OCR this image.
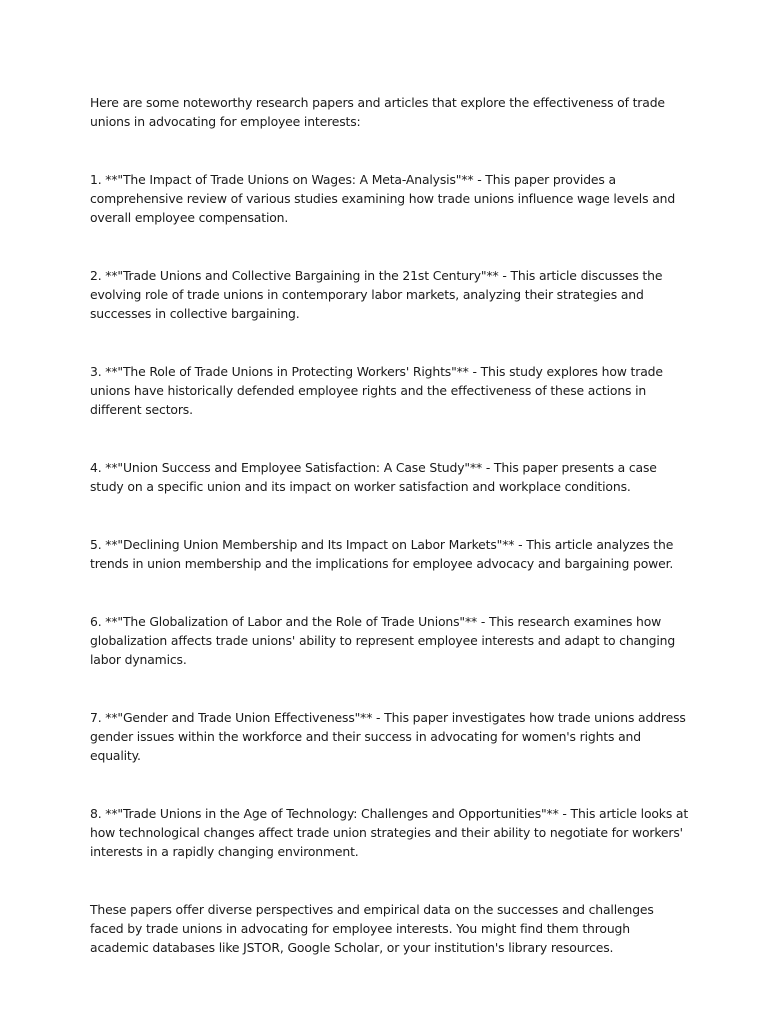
Here are some noteworthy research papers and articles that explore the effectiveness of trade unions in advocating for employee interests:

1. **"The Impact of Trade Unions on Wages: A Meta-Analysis"** - This paper provides a comprehensive review of various studies examining how trade unions influence wage levels and overall employee compensation.

2. **"Trade Unions and Collective Bargaining in the 21st Century"** - This article discusses the evolving role of trade unions in contemporary labor markets, analyzing their strategies and successes in collective bargaining.

3. **"The Role of Trade Unions in Protecting Workers' Rights"** - This study explores how trade unions have historically defended employee rights and the effectiveness of these actions in different sectors.

4. **"Union Success and Employee Satisfaction: A Case Study"** - This paper presents a case study on a specific union and its impact on worker satisfaction and workplace conditions.

5. **"Declining Union Membership and Its Impact on Labor Markets"** - This article analyzes the trends in union membership and the implications for employee advocacy and bargaining power.

6. **"The Globalization of Labor and the Role of Trade Unions"** - This research examines how globalization affects trade unions' ability to represent employee interests and adapt to changing labor dynamics.

7. **"Gender and Trade Union Effectiveness"** - This paper investigates how trade unions address gender issues within the workforce and their success in advocating for women's rights and equality.

8. **"Trade Unions in the Age of Technology: Challenges and Opportunities"** - This article looks at how technological changes affect trade union strategies and their ability to negotiate for workers' interests in a rapidly changing environment.

These papers offer diverse perspectives and empirical data on the successes and challenges faced by trade unions in advocating for employee interests. You might find them through academic databases like JSTOR, Google Scholar, or your institution's library resources.
